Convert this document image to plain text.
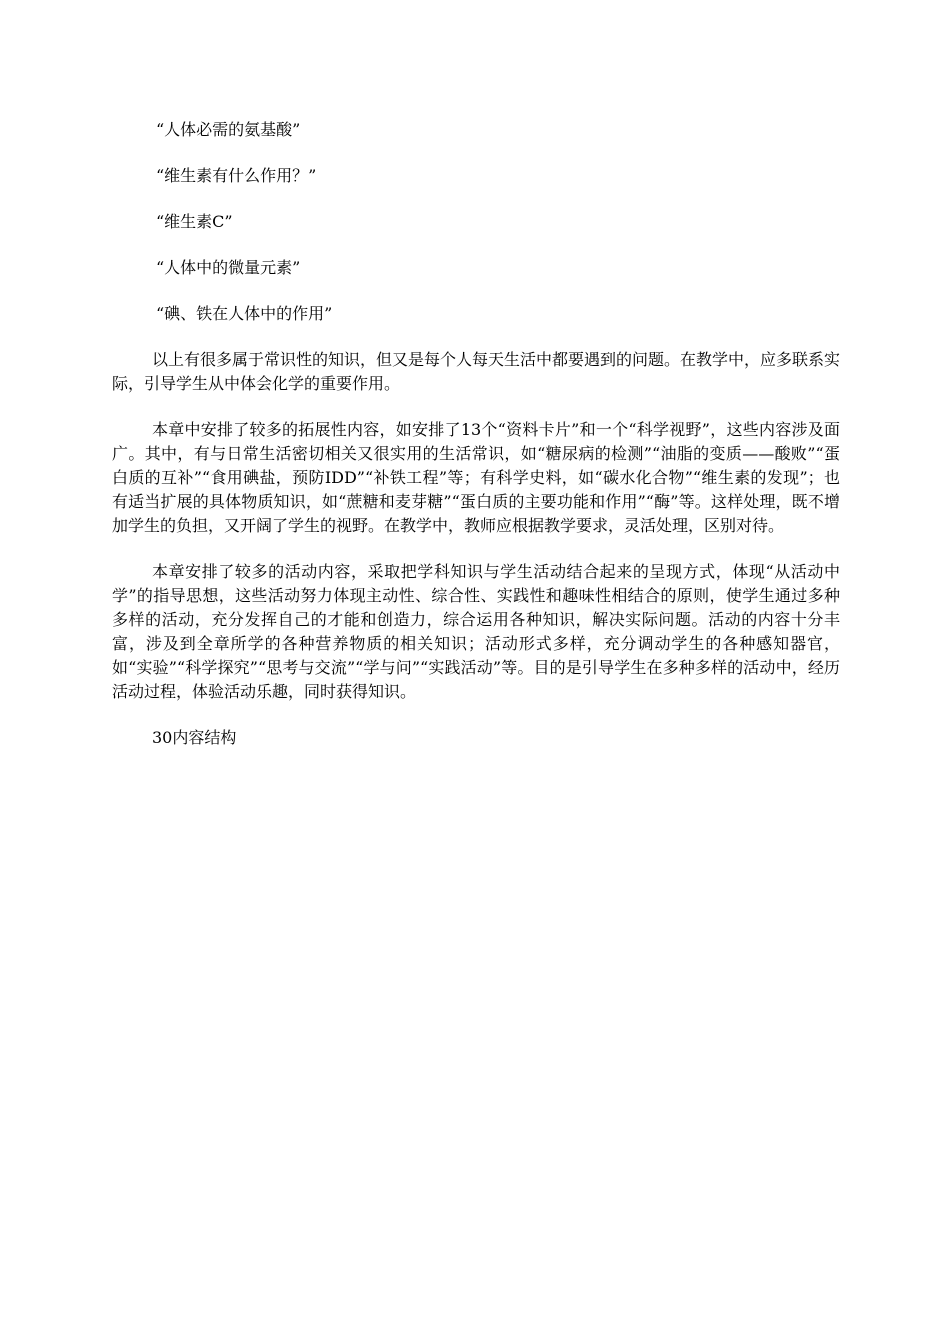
“人体必需的氨基酸”
“维生素有什么作用？”
“维生素C”
“人体中的微量元素”
“碘、铁在人体中的作用”

以上有很多属于常识性的知识，但又是每个人每天生活中都要遇到的问题。在教学中，应多联系实际，引导学生从中体会化学的重要作用。

本章中安排了较多的拓展性内容，如安排了13个“资料卡片”和一个“科学视野”，这些内容涉及面广。其中，有与日常生活密切相关又很实用的生活常识，如“糖尿病的检测”“油脂的变质——酸败”“蛋白质的互补”“食用碘盐，预防IDD”“补铁工程”等；有科学史料，如“碳水化合物”“维生素的发现”；也有适当扩展的具体物质知识，如“蔗糖和麦芽糖”“蛋白质的主要功能和作用”“酶”等。这样处理，既不增加学生的负担，又开阔了学生的视野。在教学中，教师应根据教学要求，灵活处理，区别对待。

本章安排了较多的活动内容，采取把学科知识与学生活动结合起来的呈现方式，体现“从活动中学”的指导思想，这些活动努力体现主动性、综合性、实践性和趣味性相结合的原则，使学生通过多种多样的活动，充分发挥自己的才能和创造力，综合运用各种知识，解决实际问题。活动的内容十分丰富，涉及到全章所学的各种营养物质的相关知识；活动形式多样，充分调动学生的各种感知器官，如“实验”“科学探究”“思考与交流”“学与问”“实践活动”等。目的是引导学生在多种多样的活动中，经历活动过程，体验活动乐趣，同时获得知识。

30内容结构
